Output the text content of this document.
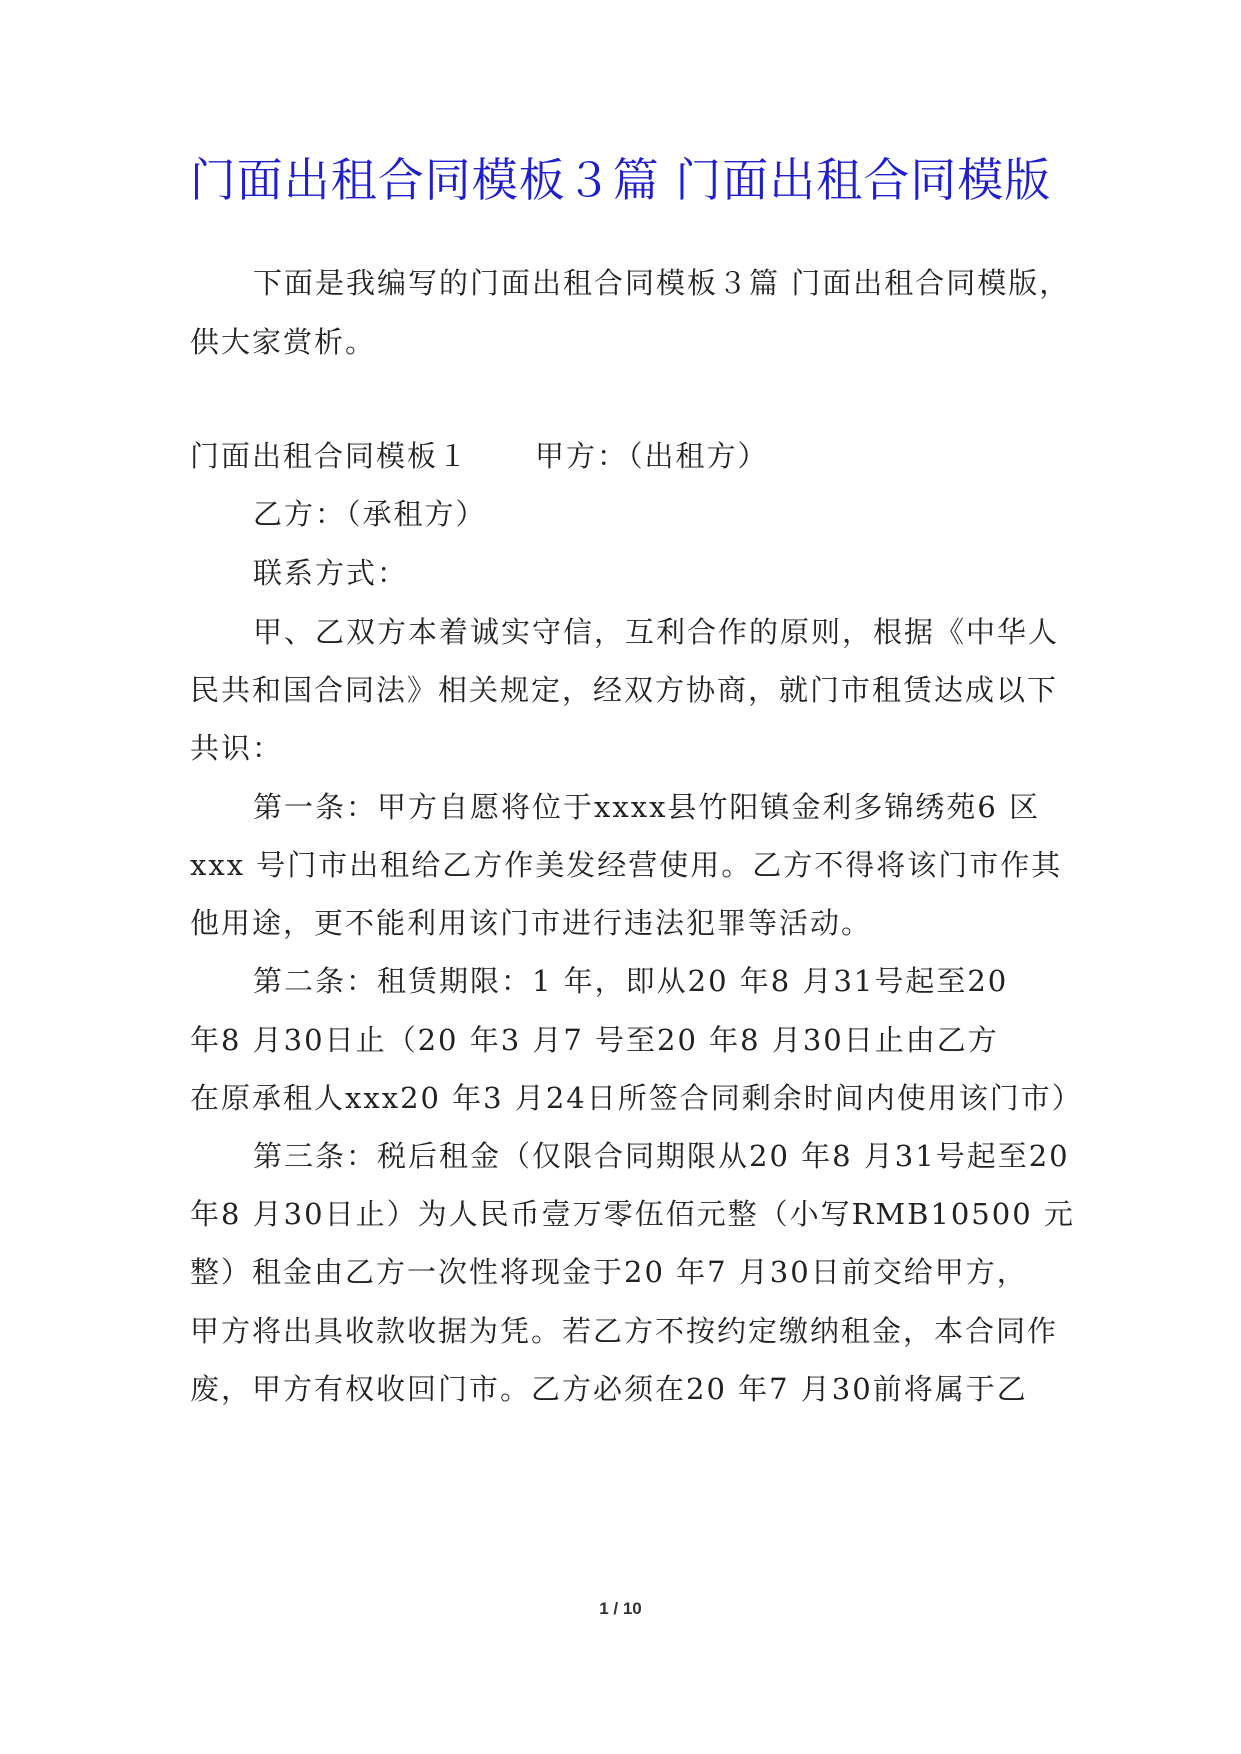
门面出租合同模板３篇 门面出租合同模版

下面是我编写的门面出租合同模板３篇 门面出租合同模版，

供大家赏析。

门面出租合同模板１ 甲方：（出租方）

乙方：（承租方）

联系方式：

甲、乙双方本着诚实守信，互利合作的原则，根据《中华人

民共和国合同法》相关规定，经双方协商，就门市租赁达成以下

共识：

第一条：甲方自愿将位于xxxx县竹阳镇金利多锦绣苑6 区

xxx 号门市出租给乙方作美发经营使用。乙方不得将该门市作其

他用途，更不能利用该门市进行违法犯罪等活动。

第二条：租赁期限：1 年，即从20 年8 月31号起至20

年8 月30日止（20 年3 月7 号至20 年8 月30日止由乙方

在原承租人xxx20 年3 月24日所签合同剩余时间内使用该门市）

第三条：税后租金（仅限合同期限从20 年8 月31号起至20

年8 月30日止）为人民币壹万零伍佰元整（小写RMB10500 元

整）租金由乙方一次性将现金于20 年7 月30日前交给甲方，

甲方将出具收款收据为凭。若乙方不按约定缴纳租金，本合同作

废，甲方有权收回门市。乙方必须在20 年7 月30前将属于乙

1 / 10
